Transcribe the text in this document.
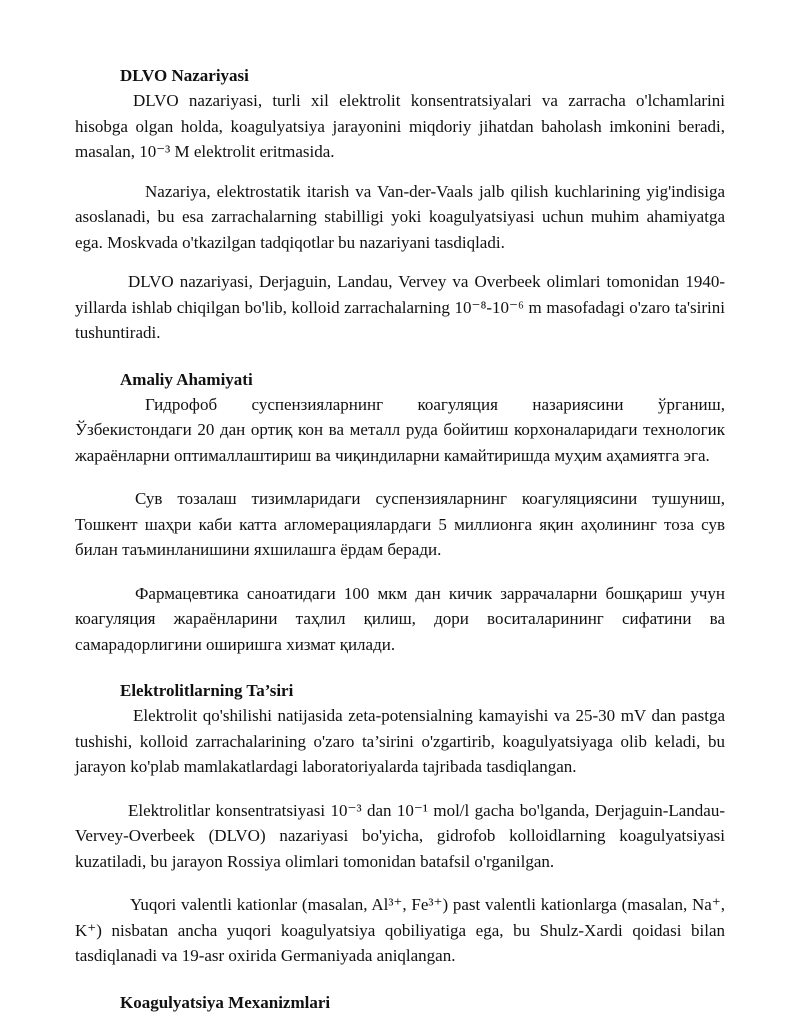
DLVO Nazariyasi

DLVO nazariyasi, turli xil elektrolit konsentratsiyalari va zarracha o'lchamlarini hisobga olgan holda, koagulyatsiya jarayonini miqdoriy jihatdan baholash imkonini beradi, masalan, 10⁻³ M elektrolit eritmasida.

Nazariya, elektrostatik itarish va Van-der-Vaals jalb qilish kuchlarining yig'indisiga asoslanadi, bu esa zarrachalarning stabilligi yoki koagulyatsiyasi uchun muhim ahamiyatga ega. Moskvada o'tkazilgan tadqiqotlar bu nazariyani tasdiqladi.

DLVO nazariyasi, Derjaguin, Landau, Vervey va Overbeek olimlari tomonidan 1940-yillarda ishlab chiqilgan bo'lib, kolloid zarrachalarning 10⁻⁸-10⁻⁶ m masofadagi o'zaro ta'sirini tushuntiradi.

Amaliy Ahamiyati

Гидрофоб суспензияларнинг коагуляция назариясини ўрганиш, Ўзбекистондаги 20 дан ортиқ кон ва металл руда бойитиш корхоналаридаги технологик жараёнларни оптималлаштириш ва чиқиндиларни камайтиришда муҳим аҳамиятга эга.

Сув тозалаш тизимларидаги суспензияларнинг коагуляциясини тушуниш, Тошкент шаҳри каби катта агломерациялардаги 5 миллионга яқин аҳолининг тоза сув билан таъминланишини яхшилашга ёрдам беради.

Фармацевтика саноатидаги 100 мкм дан кичик заррачаларни бошқариш учун коагуляция жараёнларини таҳлил қилиш, дори воситаларининг сифатини ва самарадорлигини оширишга хизмат қилади.

Elektrolitlarning Ta’siri

Elektrolit qo'shilishi natijasida zeta-potensialning kamayishi va 25-30 mV dan pastga tushishi, kolloid zarrachalarining o'zaro ta’sirini o'zgartirib, koagulyatsiyaga olib keladi, bu jarayon ko'plab mamlakatlardagi laboratoriyalarda tajribada tasdiqlangan.

Elektrolitlar konsentratsiyasi 10⁻³ dan 10⁻¹ mol/l gacha bo'lganda, Derjaguin-Landau-Vervey-Overbeek (DLVO) nazariyasi bo'yicha, gidrofob kolloidlarning koagulyatsiyasi kuzatiladi, bu jarayon Rossiya olimlari tomonidan batafsil o'rganilgan.

Yuqori valentli kationlar (masalan, Al³⁺, Fe³⁺) past valentli kationlarga (masalan, Na⁺, K⁺) nisbatan ancha yuqori koagulyatsiya qobiliyatiga ega, bu Shulz-Xardi qoidasi bilan tasdiqlanadi va 19-asr oxirida Germaniyada aniqlangan.

Koagulyatsiya Mexanizmlari
